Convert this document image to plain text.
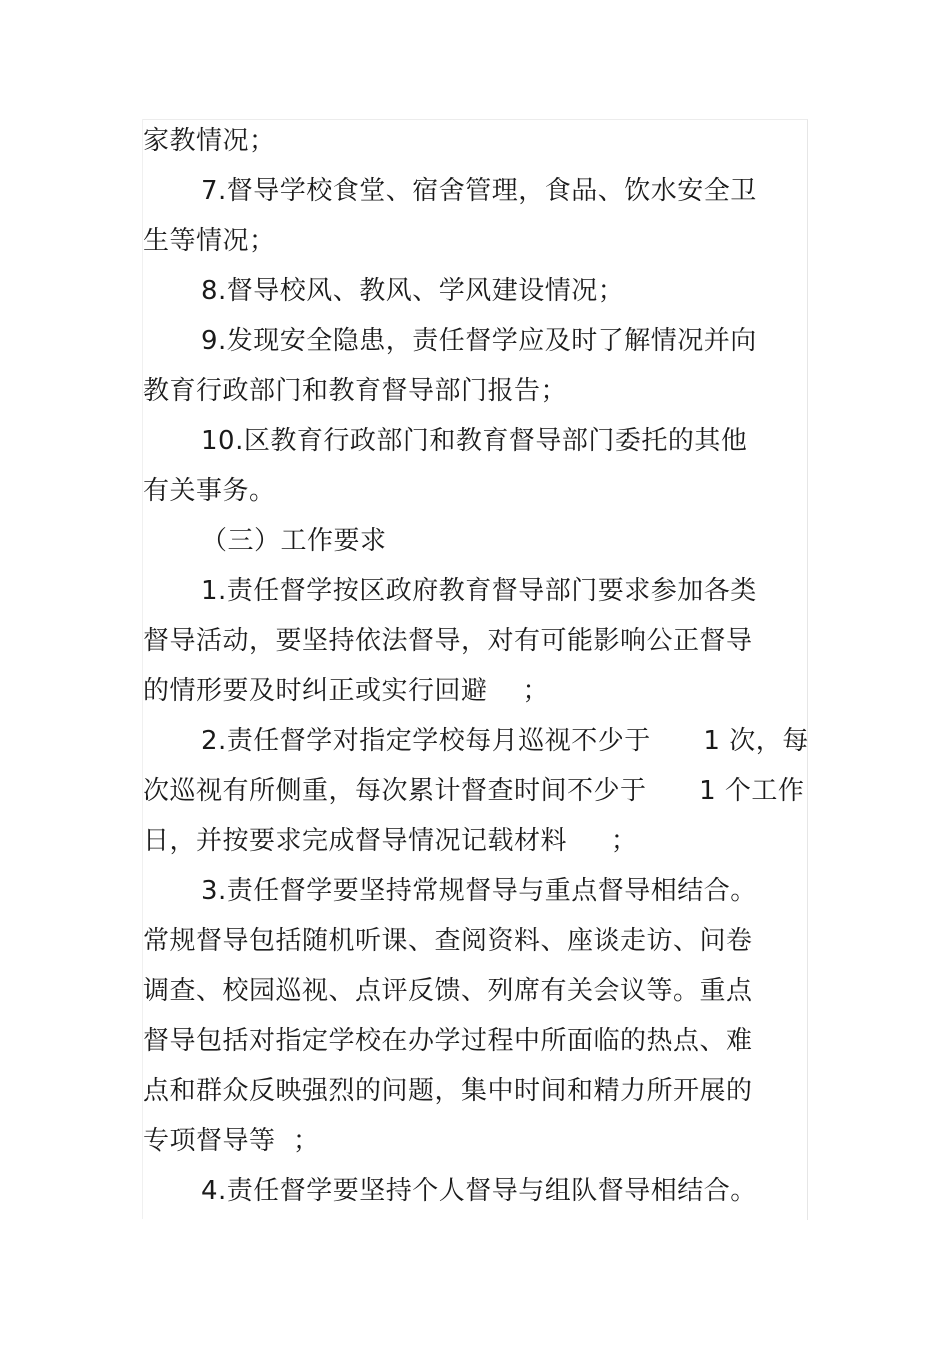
家教情况；
7.督导学校食堂、宿舍管理，食品、饮水安全卫
生等情况；
8.督导校风、教风、学风建设情况；
9.发现安全隐患，责任督学应及时了解情况并向
教育行政部门和教育督导部门报告；
10.区教育行政部门和教育督导部门委托的其他
有关事务。
（三）工作要求
1.责任督学按区政府教育督导部门要求参加各类
督导活动，要坚持依法督导，对有可能影响公正督导
的情形要及时纠正或实行回避    ；
2.责任督学对指定学校每月巡视不少于      1 次，每
次巡视有所侧重，每次累计督查时间不少于      1 个工作
日，并按要求完成督导情况记载材料     ；
3.责任督学要坚持常规督导与重点督导相结合。
常规督导包括随机听课、查阅资料、座谈走访、问卷
调查、校园巡视、点评反馈、列席有关会议等。重点
督导包括对指定学校在办学过程中所面临的热点、难
点和群众反映强烈的问题，集中时间和精力所开展的
专项督导等  ；
4.责任督学要坚持个人督导与组队督导相结合。
